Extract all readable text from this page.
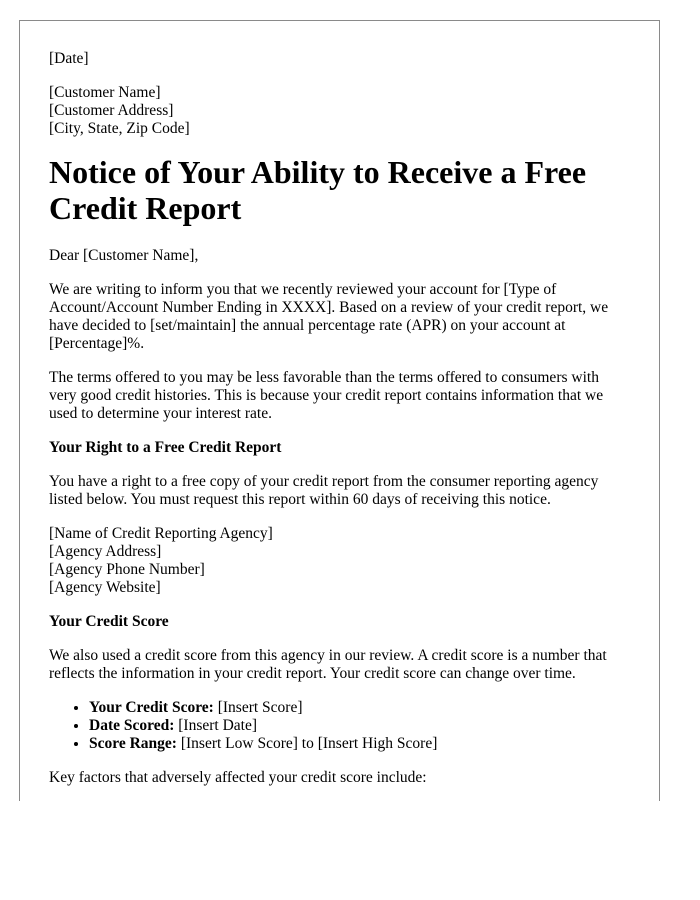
[Date]
[Customer Name]
[Customer Address]
[City, State, Zip Code]
Notice of Your Ability to Receive a Free Credit Report

Dear [Customer Name],

We are writing to inform you that we recently reviewed your account for [Type of Account/Account Number Ending in XXXX]. Based on a review of your credit report, we have decided to [set/maintain] the annual percentage rate (APR) on your account at [Percentage]%.

The terms offered to you may be less favorable than the terms offered to consumers with very good credit histories. This is because your credit report contains information that we used to determine your interest rate.

Your Right to a Free Credit Report

You have a right to a free copy of your credit report from the consumer reporting agency listed below. You must request this report within 60 days of receiving this notice.

[Name of Credit Reporting Agency]
[Agency Address]
[Agency Phone Number]
[Agency Website]
Your Credit Score

We also used a credit score from this agency in our review. A credit score is a number that reflects the information in your credit report. Your credit score can change over time.

• Your Credit Score: [Insert Score]
• Date Scored: [Insert Date]
• Score Range: [Insert Low Score] to [Insert High Score]

Key factors that adversely affected your credit score include:
